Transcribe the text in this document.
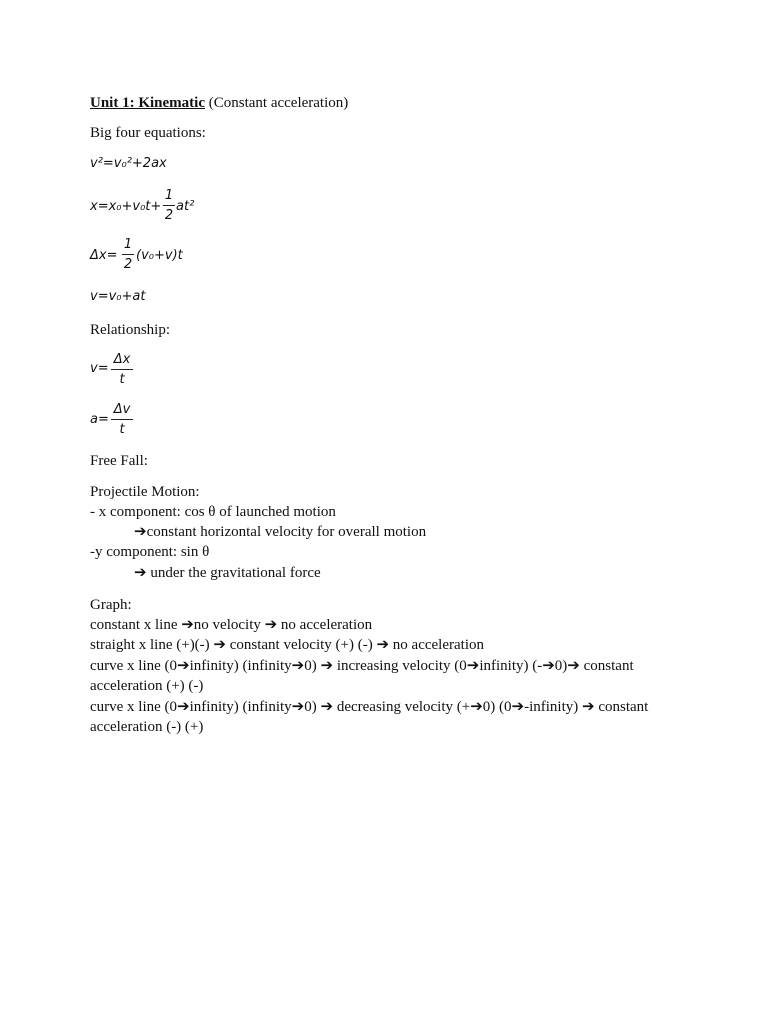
Unit 1: Kinematic (Constant acceleration)
Big four equations:
v²=v₀²+2ax
x=x₀+v₀t+
1
2
at²
Δx=
1
2
(v₀+v)t
v=v₀+at
Relationship:
v=
Δx
t
a=
Δv
t
Free Fall:
Projectile Motion:
- x component: cos θ of launched motion
➔constant horizontal velocity for overall motion
-y component: sin θ
➔ under the gravitational force
Graph:
constant x line ➔no velocity ➔ no acceleration
straight x line (+)(-) ➔ constant velocity (+) (-) ➔ no acceleration
curve x line (0➔infinity) (infinity➔0) ➔ increasing velocity (0➔infinity) (-➔0)➔ constant
acceleration (+) (-)
curve x line (0➔infinity) (infinity➔0) ➔ decreasing velocity (+➔0) (0➔-infinity) ➔ constant
acceleration (-) (+)
